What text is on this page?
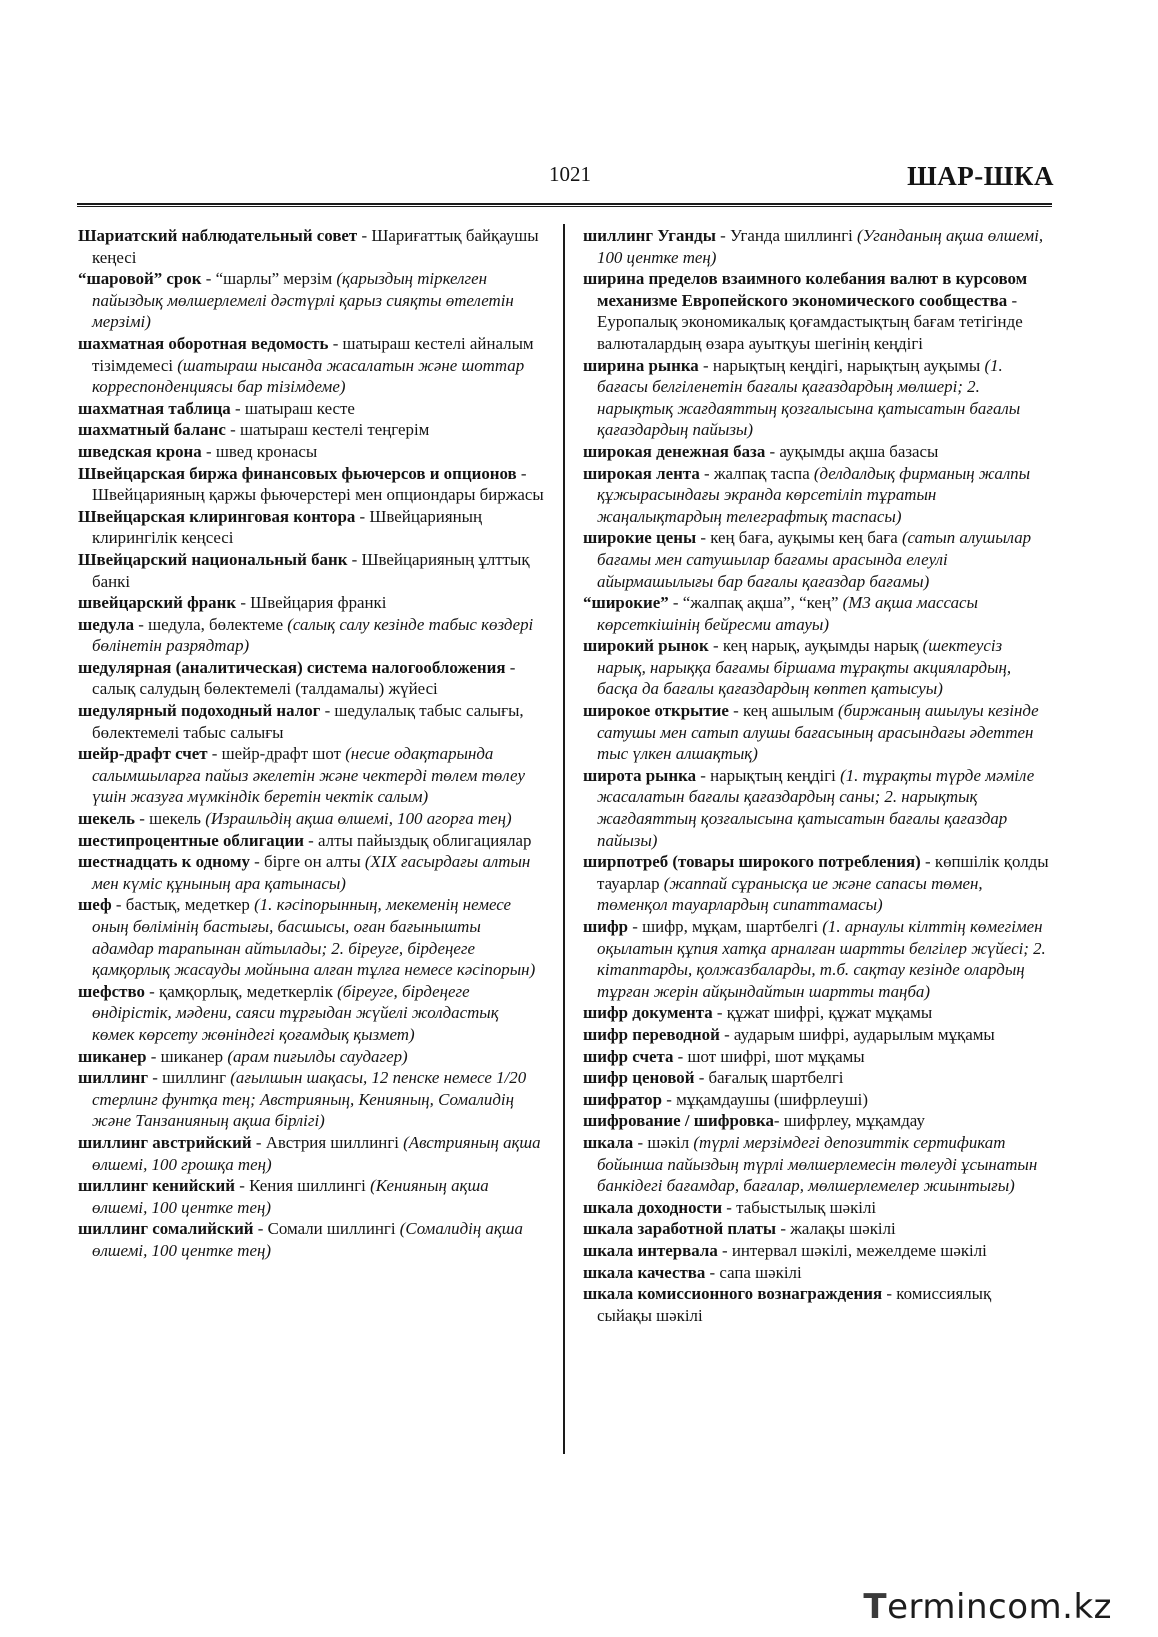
1021	ШАР-ШКА

Шариатский наблюдательный совет - Шариғаттық байқаушы кеңесі

“шаровой” срок - “шарлы” мерзім (қарыздың тіркелген пайыздық мөлшерлемелі дәстүрлі қарыз сияқты өтелетін мерзімі)

шахматная оборотная ведомость - шатыраш кестелі айналым тізімдемесі (шатыраш нысанда жасалатын және шоттар корреспонденциясы бар тізімдеме)

шахматная таблица - шатыраш кесте

шахматный баланс - шатыраш кестелі теңгерім

шведская крона - швед кронасы

Швейцарская биржа финансовых фьючерсов и опционов - Швейцарияның қаржы фьючерстері мен опциондары биржасы

Швейцарская клиринговая контора - Швейцарияның клирингілік кеңсесі

Швейцарский национальный банк - Швейцарияның ұлттық банкі

швейцарский франк - Швейцария франкі

шедула - шедула, бөлектеме (салық салу кезінде табыс көздері бөлінетін разрядтар)

шедулярная (аналитическая) система налогообложения - салық салудың бөлектемелі (талдамалы) жүйесі

шедулярный подоходный налог - шедулалық табыс салығы, бөлектемелі табыс салығы

шейр-драфт счет - шейр-драфт шот (несие одақтарында салымшыларға пайыз әкелетін және чектерді төлем төлеу үшін жазуға мүмкіндік беретін чектік салым)

шекель - шекель (Израильдің ақша өлшемі, 100 агорға тең)

шестипроцентные облигации - алты пайыздық облигациялар

шестнадцать к одному - бірге он алты (XIX ғасырдағы алтын мен күміс құнының ара қатынасы)

шеф - бастық, медеткер (1. кәсіпорынның, мекеменің немесе оның бөлімінің бастығы, басшысы, оған бағынышты адамдар тарапынан айтылады; 2. біреуге, бірдеңеге қамқорлық жасауды мойнына алған тұлға немесе кәсіпорын)

шефство - қамқорлық, медеткерлік (біреуге, бірдеңеге өндірістік, мәдени, саяси тұрғыдан жүйелі жолдастық көмек көрсету жөніндегі қоғамдық қызмет)

шиканер - шиканер (арам пиғылды саудагер)

шиллинг - шиллинг (ағылшын шақасы, 12 пенске немесе 1/20 стерлинг фунтқа тең; Австрияның, Кенияның, Сомалидің және Танзанияның ақша бірлігі)

шиллинг австрийский - Австрия шиллингі (Австрияның ақша өлшемі, 100 грошқа тең)

шиллинг кенийский - Кения шиллингі (Кенияның ақша өлшемі, 100 центке тең)

шиллинг сомалийский - Сомали шиллингі (Сомалидің ақша өлшемі, 100 центке тең)

шиллинг Уганды - Уганда шиллингі (Уганданың ақша өлшемі, 100 центке тең)

ширина пределов взаимного колебания валют в курсовом механизме Европейского экономического сообщества - Еуропалық экономикалық қоғамдастықтың бағам тетігінде валюталардың өзара ауытқуы шегінің кеңдігі

ширина рынка - нарықтың кеңдігі, нарықтың ауқымы (1. бағасы белгіленетін бағалы қағаздардың мөлшері; 2. нарықтық жағдаяттың қозғалысына қатысатын бағалы қағаздардың пайызы)

широкая денежная база - ауқымды ақша базасы

широкая лента - жалпақ таспа (делдалдық фирманың жалпы құжырасындағы экранда көрсетіліп тұратын жаңалықтардың телеграфтық таспасы)

широкие цены - кең баға, ауқымы кең баға (сатып алушылар бағамы мен сатушылар бағамы арасында елеулі айырмашылығы бар бағалы қағаздар бағамы)

“широкие” - “жалпақ ақша”, “кең” (М3 ақша массасы көрсеткішінің бейресми атауы)

широкий рынок - кең нарық, ауқымды нарық (шектеусіз нарық, нарыққа бағамы біршама тұрақты акциялардың, басқа да бағалы қағаздардың көптеп қатысуы)

широкое открытие - кең ашылым (биржаның ашылуы кезінде сатушы мен сатып алушы бағасының арасындағы әдеттен тыс үлкен алшақтық)

широта рынка - нарықтың кеңдігі (1. тұрақты түрде мәміле жасалатын бағалы қағаздардың саны; 2. нарықтық жағдаяттың қозғалысына қатысатын бағалы қағаздар пайызы)

ширпотреб (товары широкого потребления) - көпшілік қолды тауарлар (жаппай сұранысқа ие және сапасы төмен, төменқол тауарлардың сипаттамасы)

шифр - шифр, мұқам, шартбелгі (1. арнаулы кілттің көмегімен оқылатын құпия хатқа арналған шартты белгілер жүйесі; 2. кітаптарды, қолжазбаларды, т.б. сақтау кезінде олардың тұрған жерін айқындайтын шартты таңба)

шифр документа - құжат шифрі, құжат мұқамы

шифр переводной - аударым шифрі, аударылым мұқамы

шифр счета - шот шифрі, шот мұқамы

шифр ценовой - бағалық шартбелгі

шифратор - мұқамдаушы (шифрлеуші)

шифрование / шифровка- шифрлеу, мұқамдау

шкала - шәкіл (түрлі мерзімдегі депозиттік сертификат бойынша пайыздың түрлі мөлшерлемесін төлеуді ұсынатын банкідегі бағамдар, бағалар, мөлшерлемелер жиынтығы)

шкала доходности - табыстылық шәкілі

шкала заработной платы - жалақы шәкілі

шкала интервала - интервал шәкілі, межелдеме шәкілі

шкала качества - сапа шәкілі

шкала комиссионного вознаграждения - комиссиялық сыйақы шәкілі

Termincom.kz
